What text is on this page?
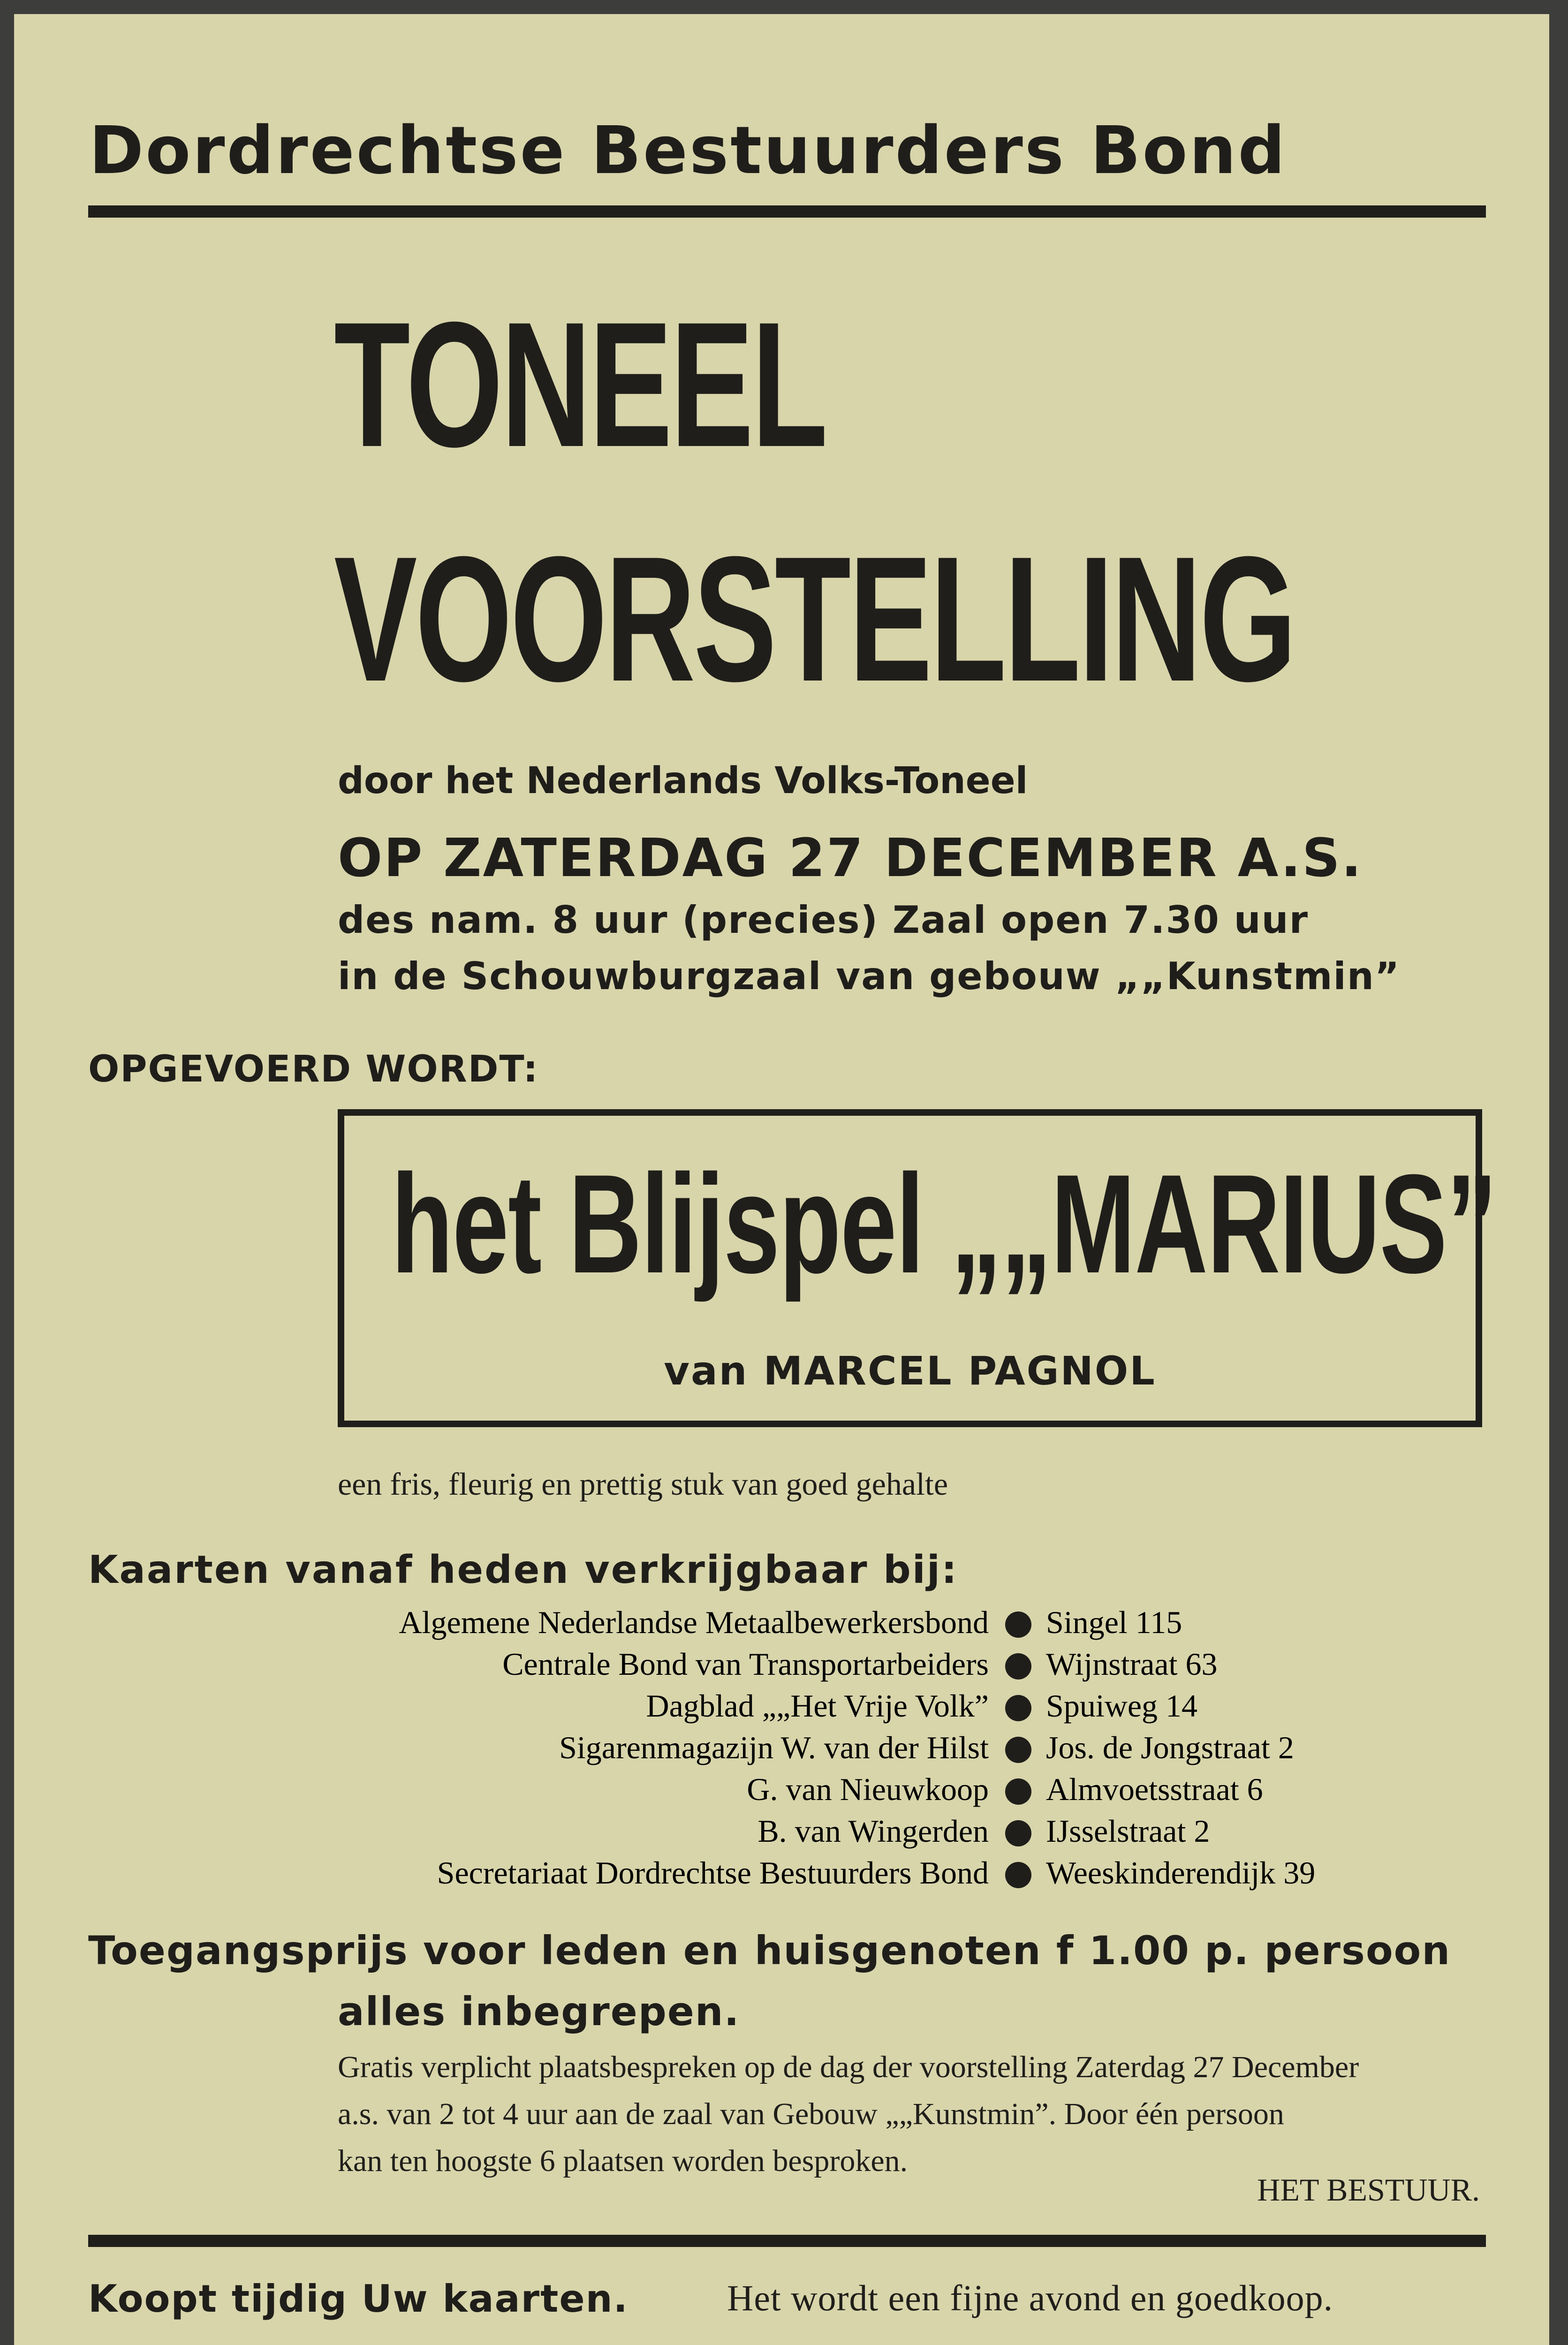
Dordrechtse Bestuurders Bond
TONEEL
VOORSTELLING
door het Nederlands Volks-Toneel
OP ZATERDAG 27 DECEMBER A.S.
des nam. 8 uur (precies) Zaal open 7.30 uur
in de Schouwburgzaal van gebouw „„Kunstmin”
OPGEVOERD WORDT:
het Blijspel „„MARIUS”
van MARCEL PAGNOL
een fris, fleurig en prettig stuk van goed gehalte
Kaarten vanaf heden verkrijgbaar bij:
Algemene Nederlandse Metaalbewerkersbond Singel 115
Centrale Bond van Transportarbeiders Wijnstraat 63
Dagblad „„Het Vrije Volk” Spuiweg 14
Sigarenmagazijn W. van der Hilst Jos. de Jongstraat 2
G. van Nieuwkoop Almvoetsstraat 6
B. van Wingerden IJsselstraat 2
Secretariaat Dordrechtse Bestuurders Bond Weeskinderendijk 39
Toegangsprijs voor leden en huisgenoten f 1.00 p. persoon
alles inbegrepen.
Gratis verplicht plaatsbespreken op de dag der voorstelling Zaterdag 27 December
a.s. van 2 tot 4 uur aan de zaal van Gebouw „„Kunstmin”. Door één persoon
kan ten hoogste 6 plaatsen worden besproken.
HET BESTUUR.
Koopt tijdig Uw kaarten.	Het wordt een fijne avond en goedkoop.
